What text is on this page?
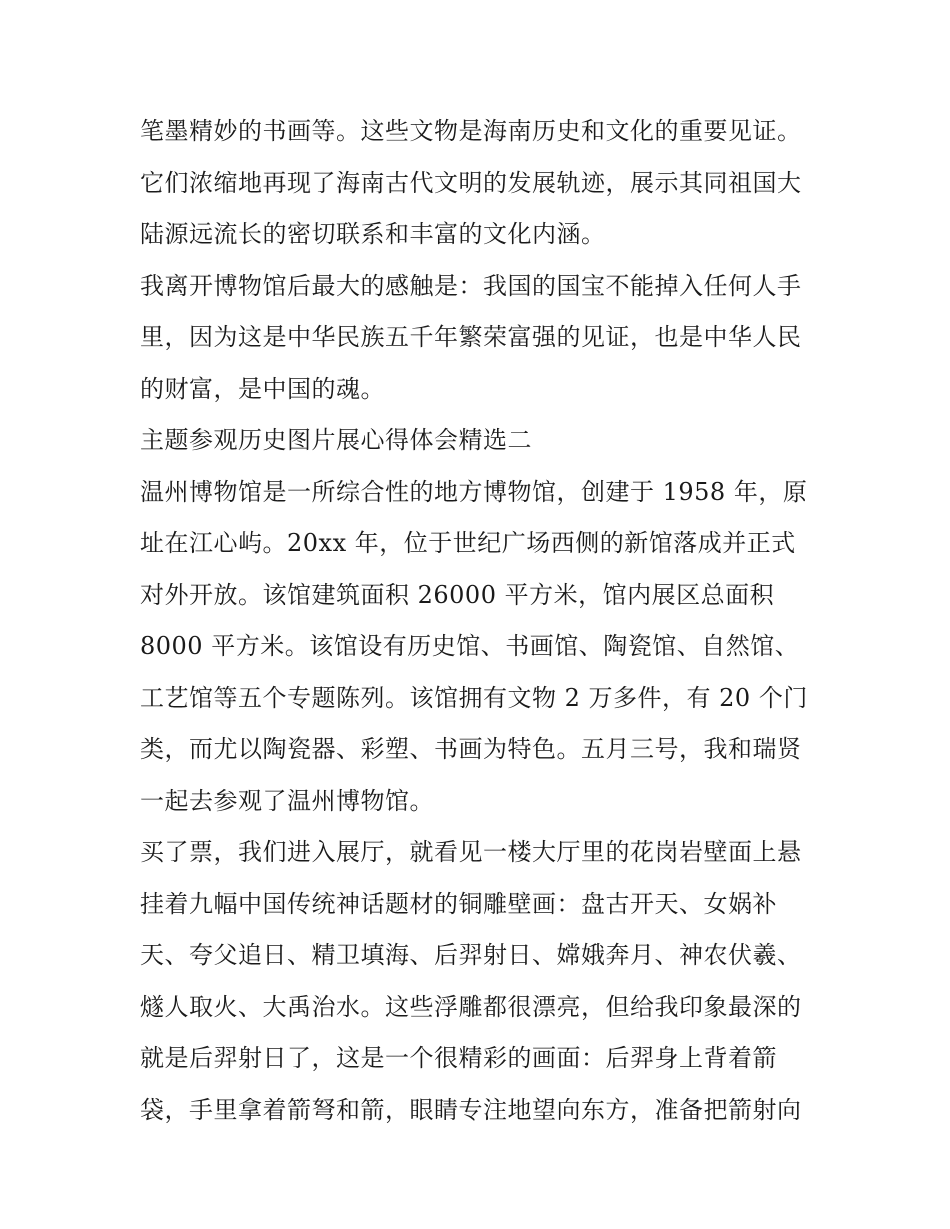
笔墨精妙的书画等。这些文物是海南历史和文化的重要见证。
它们浓缩地再现了海南古代文明的发展轨迹，展示其同祖国大
陆源远流长的密切联系和丰富的文化内涵。
我离开博物馆后最大的感触是：我国的国宝不能掉入任何人手
里，因为这是中华民族五千年繁荣富强的见证，也是中华人民
的财富，是中国的魂。
主题参观历史图片展心得体会精选二
温州博物馆是一所综合性的地方博物馆，创建于 1958 年，原
址在江心屿。20xx 年，位于世纪广场西侧的新馆落成并正式
对外开放。该馆建筑面积 26000 平方米，馆内展区总面积
8000 平方米。该馆设有历史馆、书画馆、陶瓷馆、自然馆、
工艺馆等五个专题陈列。该馆拥有文物 2 万多件，有 20 个门
类，而尤以陶瓷器、彩塑、书画为特色。五月三号，我和瑞贤
一起去参观了温州博物馆。
买了票，我们进入展厅，就看见一楼大厅里的花岗岩壁面上悬
挂着九幅中国传统神话题材的铜雕壁画：盘古开天、女娲补
天、夸父追日、精卫填海、后羿射日、嫦娥奔月、神农伏羲、
燧人取火、大禹治水。这些浮雕都很漂亮，但给我印象最深的
就是后羿射日了，这是一个很精彩的画面：后羿身上背着箭
袋，手里拿着箭弩和箭，眼睛专注地望向东方，准备把箭射向
